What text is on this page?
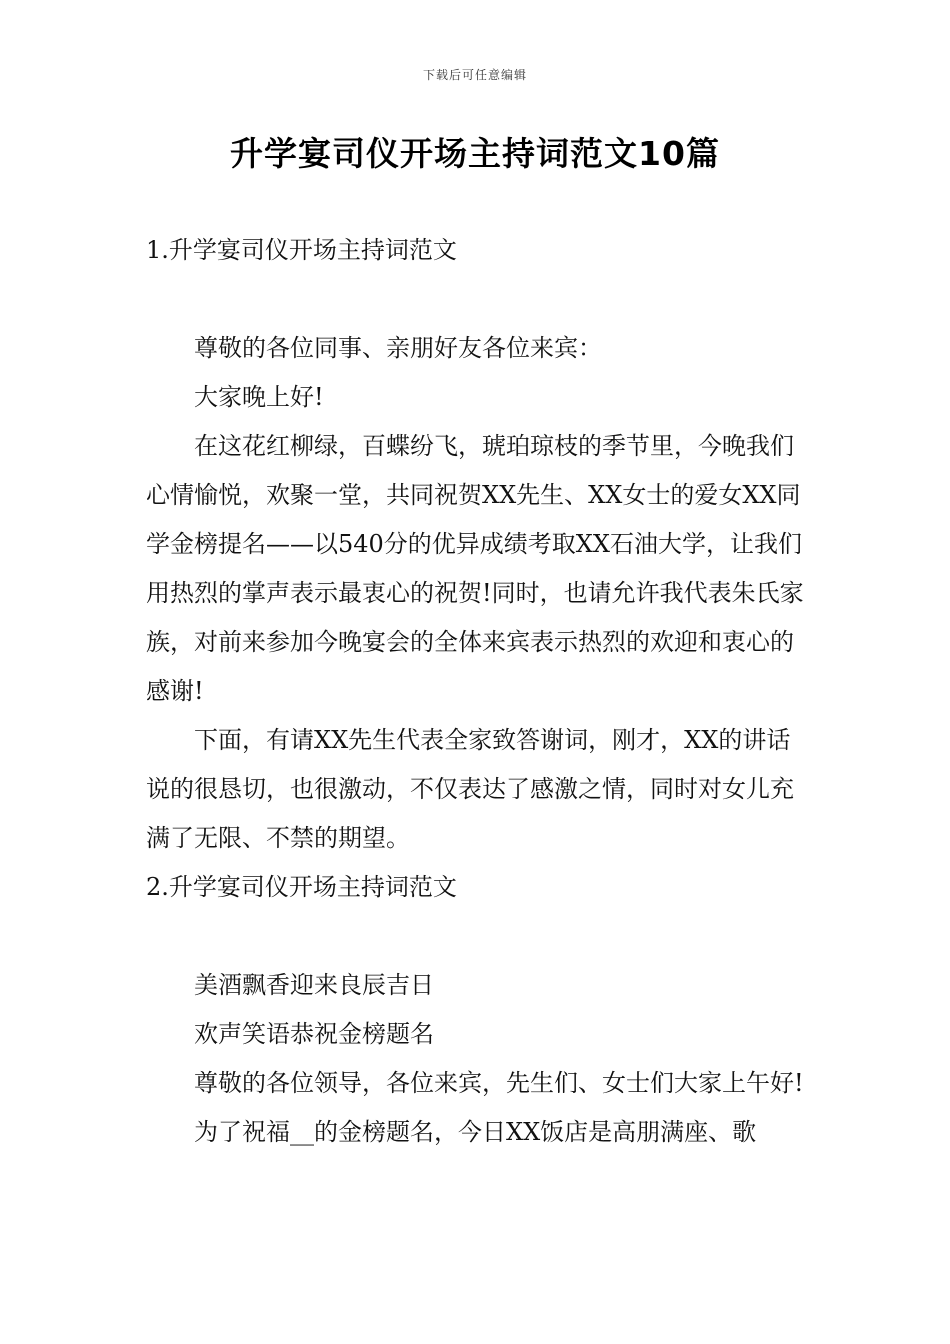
下载后可任意编辑
升学宴司仪开场主持词范文10篇

1.升学宴司仪开场主持词范文

尊敬的各位同事、亲朋好友各位来宾：

大家晚上好!

在这花红柳绿，百蝶纷飞，琥珀琼枝的季节里，今晚我们心情愉悦，欢聚一堂，共同祝贺XX先生、XX女士的爱女XX同学金榜提名——以540分的优异成绩考取XX石油大学，让我们用热烈的掌声表示最衷心的祝贺!同时，也请允许我代表朱氏家族，对前来参加今晚宴会的全体来宾表示热烈的欢迎和衷心的感谢!

下面，有请XX先生代表全家致答谢词，刚才，XX的讲话说的很恳切，也很激动，不仅表达了感激之情，同时对女儿充满了无限、不禁的期望。

2.升学宴司仪开场主持词范文

美酒飘香迎来良辰吉日

欢声笑语恭祝金榜题名

尊敬的各位领导，各位来宾，先生们、女士们大家上午好!

为了祝福__的金榜题名，今日XX饭店是高朋满座、歌
